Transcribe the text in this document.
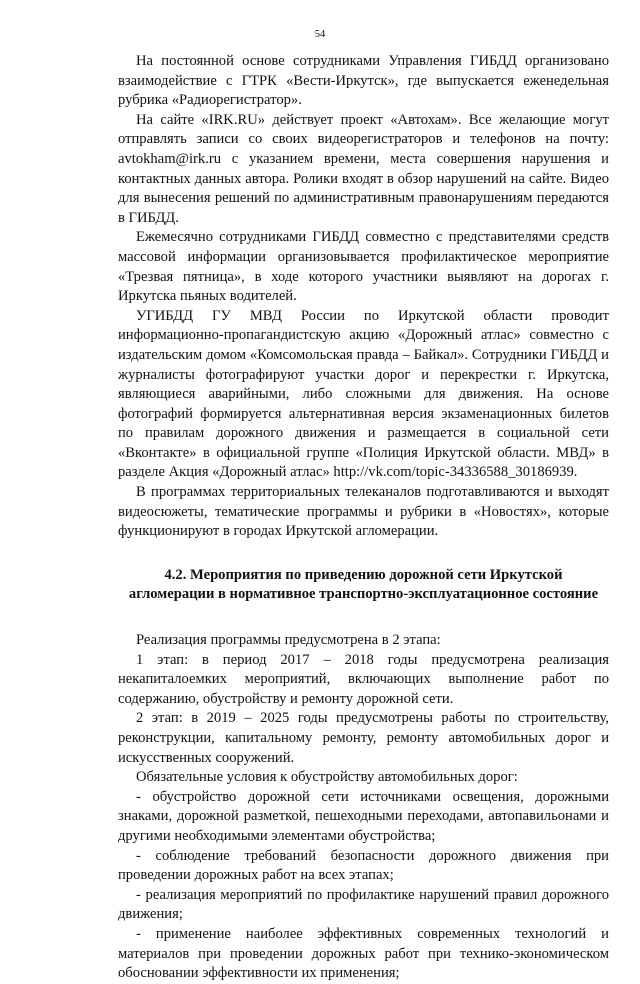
54

На постоянной основе сотрудниками Управления ГИБДД организовано взаимодействие с ГТРК «Вести-Иркутск», где выпускается еженедельная рубрика «Радиорегистратор».

На сайте «IRK.RU» действует проект «Автохам». Все желающие могут отправлять записи со своих видеорегистраторов и телефонов на почту: avtokham@irk.ru с указанием времени, места совершения нарушения и контактных данных автора. Ролики входят в обзор нарушений на сайте. Видео для вынесения решений по административным правонарушениям передаются в ГИБДД.

Ежемесячно сотрудниками ГИБДД совместно с представителями средств массовой информации организовывается профилактическое мероприятие «Трезвая пятница», в ходе которого участники выявляют на дорогах г. Иркутска пьяных водителей.

УГИБДД ГУ МВД России по Иркутской области проводит информационно-пропагандистскую акцию «Дорожный атлас» совместно с издательским домом «Комсомольская правда – Байкал». Сотрудники ГИБДД и журналисты фотографируют участки дорог и перекрестки г. Иркутска, являющиеся аварийными, либо сложными для движения. На основе фотографий формируется альтернативная версия экзаменационных билетов по правилам дорожного движения и размещается в социальной сети «Вконтакте» в официальной группе «Полиция Иркутской области. МВД» в разделе Акция «Дорожный атлас» http://vk.com/topic-34336588_30186939.

В программах территориальных телеканалов подготавливаются и выходят видеосюжеты, тематические программы и рубрики в «Новостях», которые функционируют в городах Иркутской агломерации.

4.2. Мероприятия по приведению дорожной сети Иркутской
агломерации в нормативное транспортно-эксплуатационное состояние

Реализация программы предусмотрена в 2 этапа:

1 этап: в период 2017 – 2018 годы предусмотрена реализация некапиталоемких мероприятий, включающих выполнение работ по содержанию, обустройству и ремонту дорожной сети.

2 этап: в 2019 – 2025 годы предусмотрены работы по строительству, реконструкции, капитальному ремонту, ремонту автомобильных дорог и искусственных сооружений.

Обязательные условия к обустройству автомобильных дорог:

- обустройство дорожной сети источниками освещения, дорожными знаками, дорожной разметкой, пешеходными переходами, автопавильонами и другими необходимыми элементами обустройства;

- соблюдение требований безопасности дорожного движения при проведении дорожных работ на всех этапах;

- реализация мероприятий по профилактике нарушений правил дорожного движения;

- применение наиболее эффективных современных технологий и материалов при проведении дорожных работ при технико-экономическом обосновании эффективности их применения;
